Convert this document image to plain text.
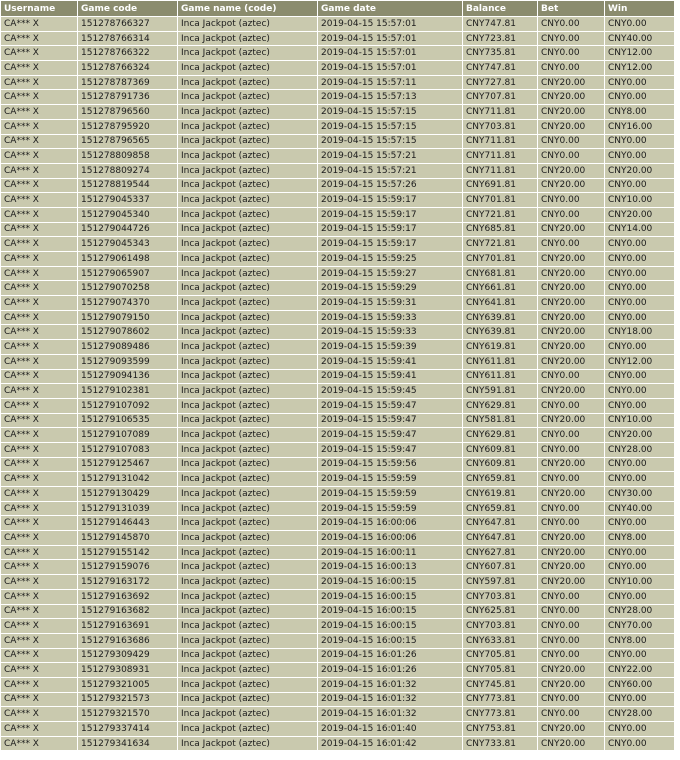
Username	Game code	Game name (code)	Game date	Balance	Bet	Win
CA*** X	151278766327	Inca Jackpot (aztec)	2019-04-15 15:57:01	CNY747.81	CNY0.00	CNY0.00
CA*** X	151278766314	Inca Jackpot (aztec)	2019-04-15 15:57:01	CNY723.81	CNY0.00	CNY40.00
CA*** X	151278766322	Inca Jackpot (aztec)	2019-04-15 15:57:01	CNY735.81	CNY0.00	CNY12.00
CA*** X	151278766324	Inca Jackpot (aztec)	2019-04-15 15:57:01	CNY747.81	CNY0.00	CNY12.00
CA*** X	151278787369	Inca Jackpot (aztec)	2019-04-15 15:57:11	CNY727.81	CNY20.00	CNY0.00
CA*** X	151278791736	Inca Jackpot (aztec)	2019-04-15 15:57:13	CNY707.81	CNY20.00	CNY0.00
CA*** X	151278796560	Inca Jackpot (aztec)	2019-04-15 15:57:15	CNY711.81	CNY20.00	CNY8.00
CA*** X	151278795920	Inca Jackpot (aztec)	2019-04-15 15:57:15	CNY703.81	CNY20.00	CNY16.00
CA*** X	151278796565	Inca Jackpot (aztec)	2019-04-15 15:57:15	CNY711.81	CNY0.00	CNY0.00
CA*** X	151278809858	Inca Jackpot (aztec)	2019-04-15 15:57:21	CNY711.81	CNY0.00	CNY0.00
CA*** X	151278809274	Inca Jackpot (aztec)	2019-04-15 15:57:21	CNY711.81	CNY20.00	CNY20.00
CA*** X	151278819544	Inca Jackpot (aztec)	2019-04-15 15:57:26	CNY691.81	CNY20.00	CNY0.00
CA*** X	151279045337	Inca Jackpot (aztec)	2019-04-15 15:59:17	CNY701.81	CNY0.00	CNY10.00
CA*** X	151279045340	Inca Jackpot (aztec)	2019-04-15 15:59:17	CNY721.81	CNY0.00	CNY20.00
CA*** X	151279044726	Inca Jackpot (aztec)	2019-04-15 15:59:17	CNY685.81	CNY20.00	CNY14.00
CA*** X	151279045343	Inca Jackpot (aztec)	2019-04-15 15:59:17	CNY721.81	CNY0.00	CNY0.00
CA*** X	151279061498	Inca Jackpot (aztec)	2019-04-15 15:59:25	CNY701.81	CNY20.00	CNY0.00
CA*** X	151279065907	Inca Jackpot (aztec)	2019-04-15 15:59:27	CNY681.81	CNY20.00	CNY0.00
CA*** X	151279070258	Inca Jackpot (aztec)	2019-04-15 15:59:29	CNY661.81	CNY20.00	CNY0.00
CA*** X	151279074370	Inca Jackpot (aztec)	2019-04-15 15:59:31	CNY641.81	CNY20.00	CNY0.00
CA*** X	151279079150	Inca Jackpot (aztec)	2019-04-15 15:59:33	CNY639.81	CNY20.00	CNY0.00
CA*** X	151279078602	Inca Jackpot (aztec)	2019-04-15 15:59:33	CNY639.81	CNY20.00	CNY18.00
CA*** X	151279089486	Inca Jackpot (aztec)	2019-04-15 15:59:39	CNY619.81	CNY20.00	CNY0.00
CA*** X	151279093599	Inca Jackpot (aztec)	2019-04-15 15:59:41	CNY611.81	CNY20.00	CNY12.00
CA*** X	151279094136	Inca Jackpot (aztec)	2019-04-15 15:59:41	CNY611.81	CNY0.00	CNY0.00
CA*** X	151279102381	Inca Jackpot (aztec)	2019-04-15 15:59:45	CNY591.81	CNY20.00	CNY0.00
CA*** X	151279107092	Inca Jackpot (aztec)	2019-04-15 15:59:47	CNY629.81	CNY0.00	CNY0.00
CA*** X	151279106535	Inca Jackpot (aztec)	2019-04-15 15:59:47	CNY581.81	CNY20.00	CNY10.00
CA*** X	151279107089	Inca Jackpot (aztec)	2019-04-15 15:59:47	CNY629.81	CNY0.00	CNY20.00
CA*** X	151279107083	Inca Jackpot (aztec)	2019-04-15 15:59:47	CNY609.81	CNY0.00	CNY28.00
CA*** X	151279125467	Inca Jackpot (aztec)	2019-04-15 15:59:56	CNY609.81	CNY20.00	CNY0.00
CA*** X	151279131042	Inca Jackpot (aztec)	2019-04-15 15:59:59	CNY659.81	CNY0.00	CNY0.00
CA*** X	151279130429	Inca Jackpot (aztec)	2019-04-15 15:59:59	CNY619.81	CNY20.00	CNY30.00
CA*** X	151279131039	Inca Jackpot (aztec)	2019-04-15 15:59:59	CNY659.81	CNY0.00	CNY40.00
CA*** X	151279146443	Inca Jackpot (aztec)	2019-04-15 16:00:06	CNY647.81	CNY0.00	CNY0.00
CA*** X	151279145870	Inca Jackpot (aztec)	2019-04-15 16:00:06	CNY647.81	CNY20.00	CNY8.00
CA*** X	151279155142	Inca Jackpot (aztec)	2019-04-15 16:00:11	CNY627.81	CNY20.00	CNY0.00
CA*** X	151279159076	Inca Jackpot (aztec)	2019-04-15 16:00:13	CNY607.81	CNY20.00	CNY0.00
CA*** X	151279163172	Inca Jackpot (aztec)	2019-04-15 16:00:15	CNY597.81	CNY20.00	CNY10.00
CA*** X	151279163692	Inca Jackpot (aztec)	2019-04-15 16:00:15	CNY703.81	CNY0.00	CNY0.00
CA*** X	151279163682	Inca Jackpot (aztec)	2019-04-15 16:00:15	CNY625.81	CNY0.00	CNY28.00
CA*** X	151279163691	Inca Jackpot (aztec)	2019-04-15 16:00:15	CNY703.81	CNY0.00	CNY70.00
CA*** X	151279163686	Inca Jackpot (aztec)	2019-04-15 16:00:15	CNY633.81	CNY0.00	CNY8.00
CA*** X	151279309429	Inca Jackpot (aztec)	2019-04-15 16:01:26	CNY705.81	CNY0.00	CNY0.00
CA*** X	151279308931	Inca Jackpot (aztec)	2019-04-15 16:01:26	CNY705.81	CNY20.00	CNY22.00
CA*** X	151279321005	Inca Jackpot (aztec)	2019-04-15 16:01:32	CNY745.81	CNY20.00	CNY60.00
CA*** X	151279321573	Inca Jackpot (aztec)	2019-04-15 16:01:32	CNY773.81	CNY0.00	CNY0.00
CA*** X	151279321570	Inca Jackpot (aztec)	2019-04-15 16:01:32	CNY773.81	CNY0.00	CNY28.00
CA*** X	151279337414	Inca Jackpot (aztec)	2019-04-15 16:01:40	CNY753.81	CNY20.00	CNY0.00
CA*** X	151279341634	Inca Jackpot (aztec)	2019-04-15 16:01:42	CNY733.81	CNY20.00	CNY0.00
